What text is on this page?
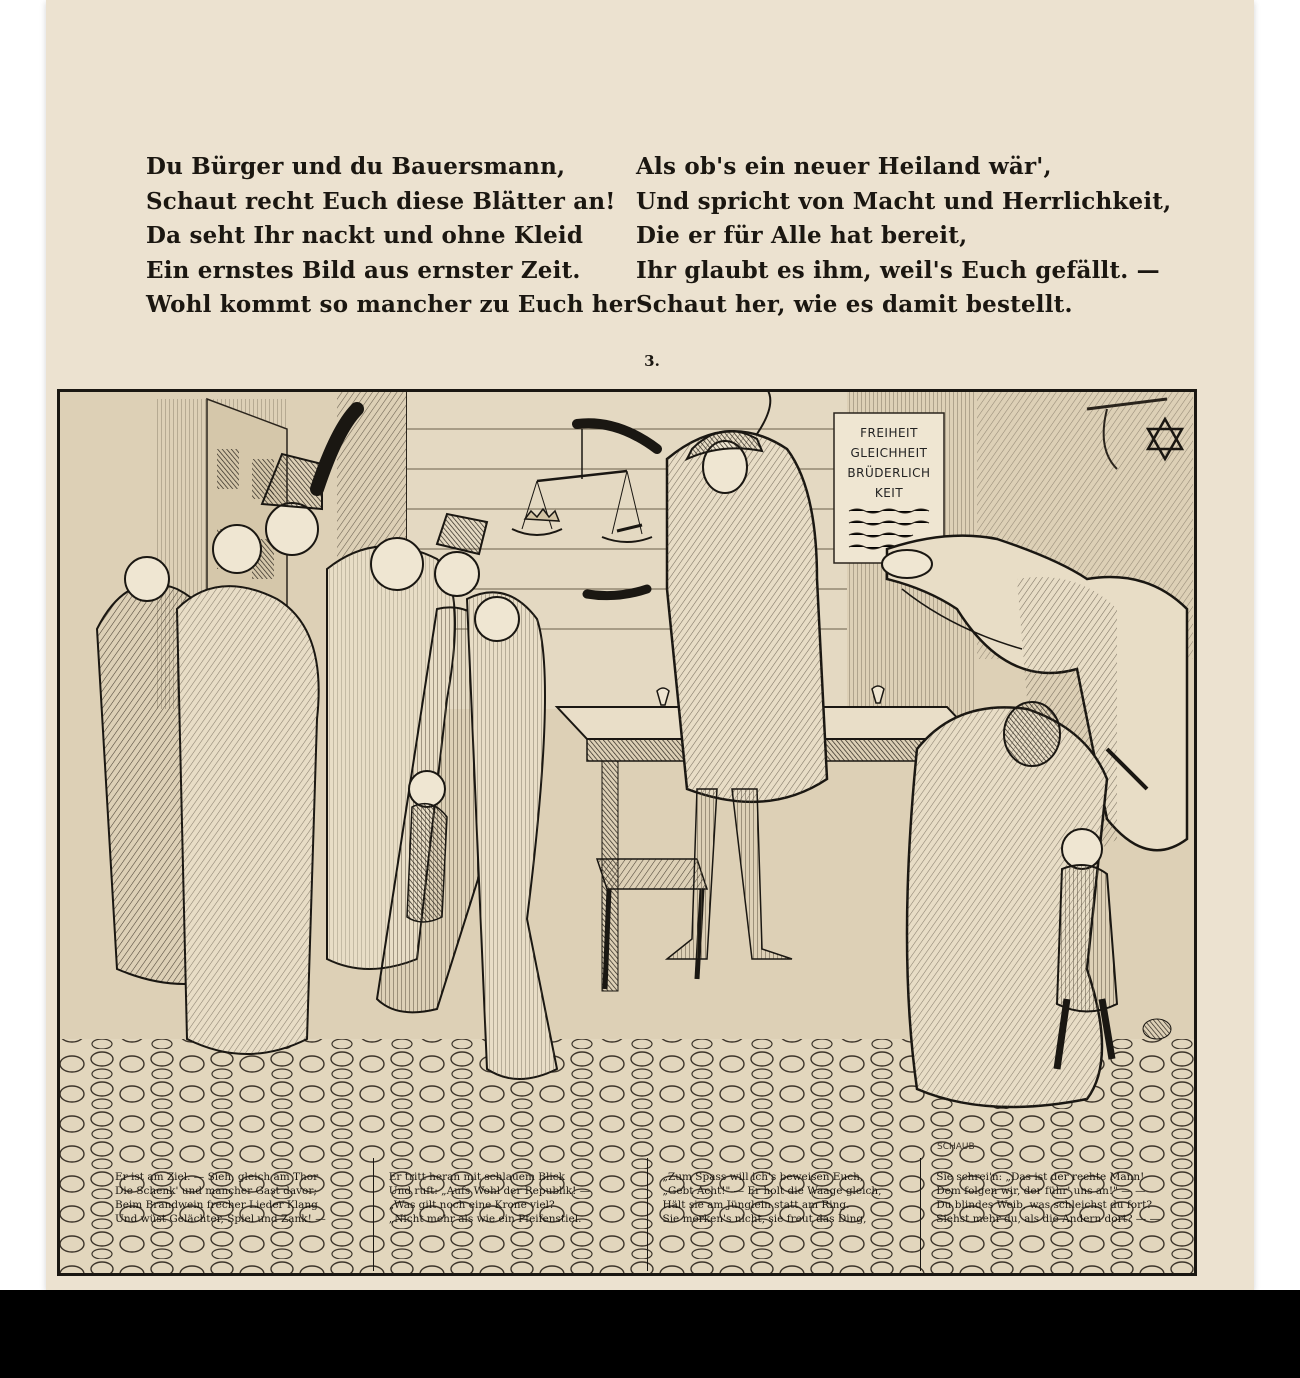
Du Bürger und du Bauersmann,
Schaut recht Euch diese Blätter an!
Da seht Ihr nackt und ohne Kleid
Ein ernstes Bild aus ernster Zeit.
Wohl kommt so mancher zu Euch her
Als ob's ein neuer Heiland wär',
Und spricht von Macht und Herrlichkeit,
Die er für Alle hat bereit,
Ihr glaubt es ihm, weil's Euch gefällt. —
Schaut her, wie es damit bestellt.
3.
FREIHEIT
GLEICHHEIT
BRÜDERLICH
KEIT
SCHAUB
Er ist am Ziel. — Sieh, gleich am Thor
Die Schenk' und mancher Gast davor;
Beim Brandwein frecher Lieder Klang
Und wüst Gelächter, Spiel und Zank! —
Er tritt heran mit schlauem Blick
Und ruft: „Aufs Wohl der Republik! —
„Was gilt noch eine Krone viel?
„Nicht mehr als wie ein Pfeifenstiel.
„Zum Spass will ich's beweisen Euch,
„Gebt Acht!" — Er holt die Waage gleich,
Hält sie am Jünglein statt am Ring.
Sie merken's nicht, sie freut das Ding,
Sie schrei'n: „Das ist der rechte Mann!
Dem folgen wir, der führ' uns an!" — —
Du blindes Weib, was schleichst du fort?
Siehst mehr du, als die Andern dort? — —
